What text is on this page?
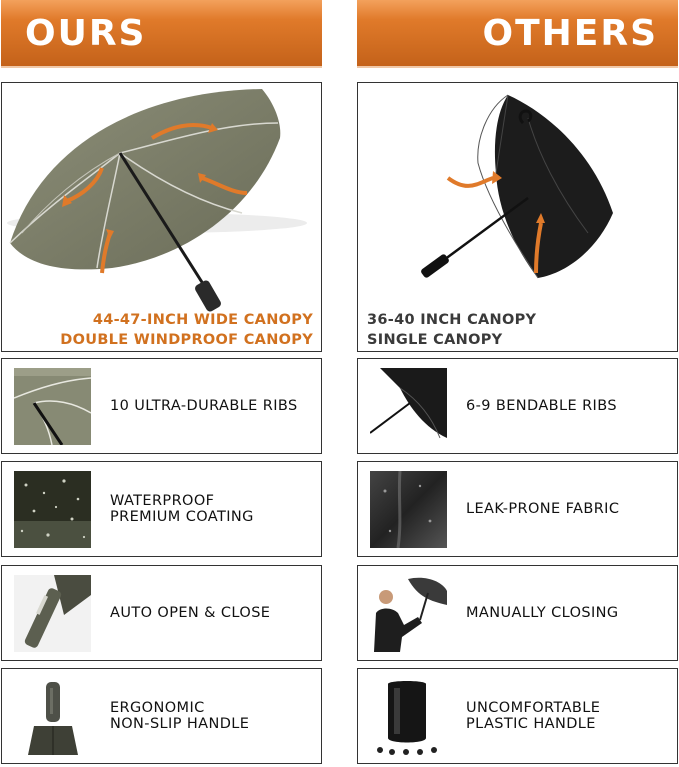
OURS
44-47-INCH WIDE CANOPY
DOUBLE WINDPROOF CANOPY
10 ULTRA-DURABLE RIBS
WATERPROOF
PREMIUM COATING
AUTO OPEN & CLOSE
ERGONOMIC
NON-SLIP HANDLE
OTHERS
36-40 INCH CANOPY
SINGLE CANOPY
6-9 BENDABLE RIBS
LEAK-PRONE FABRIC
MANUALLY CLOSING
UNCOMFORTABLE
PLASTIC HANDLE
